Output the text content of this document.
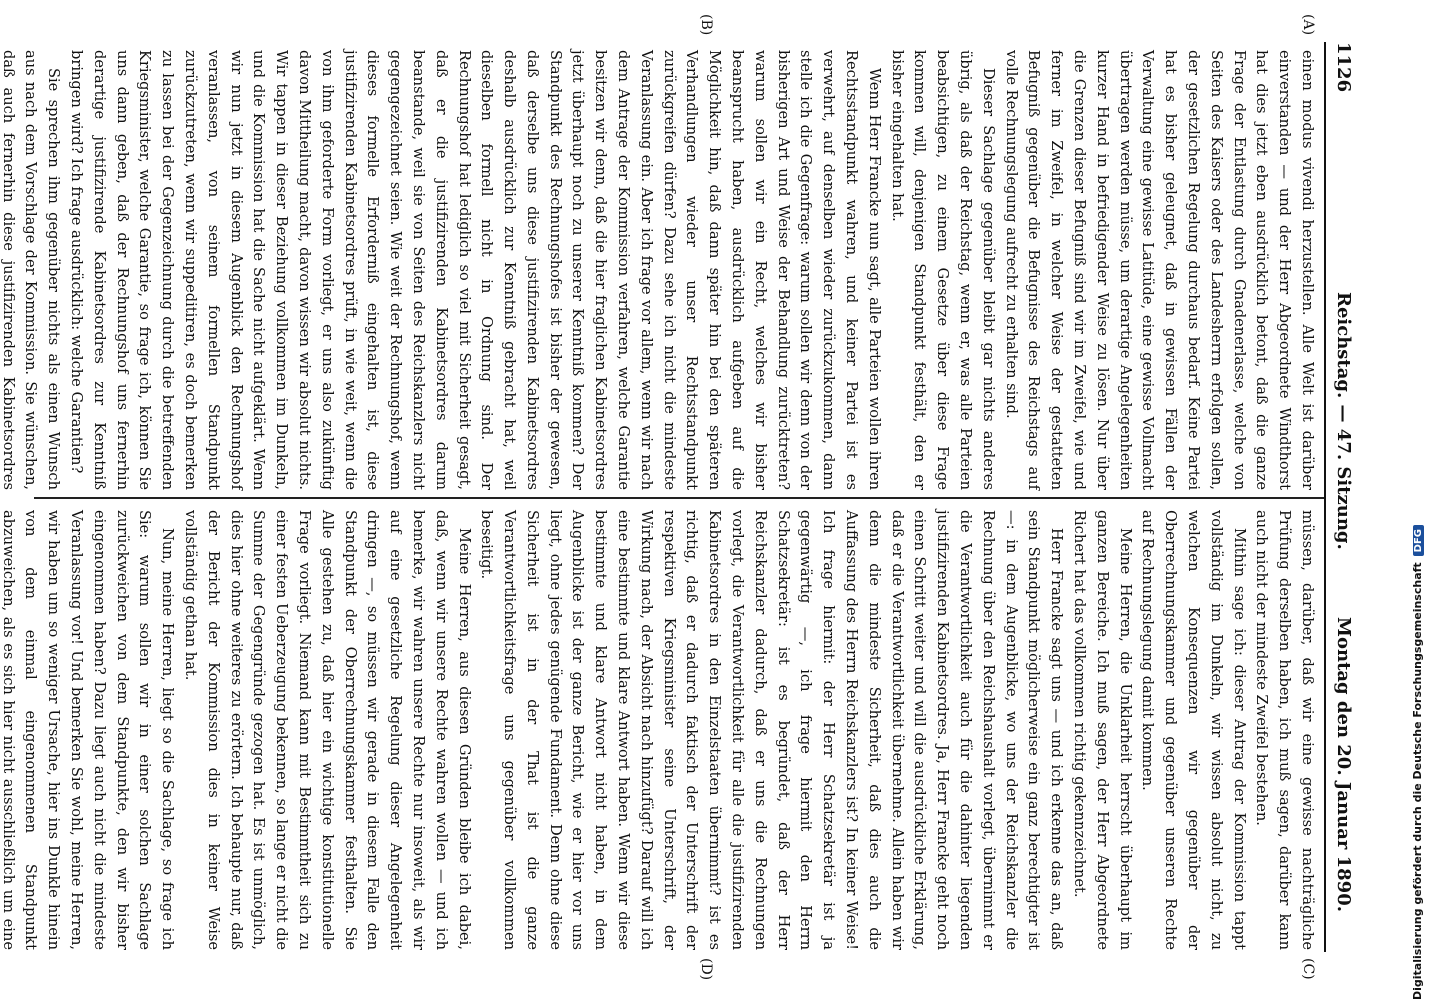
1126
Reichstag. — 47. Sitzung.
Montag den 20. Januar 1890.
(A)
(B)
(C)
(D)

einen modus vivendi herzustellen. Alle Welt ist darüber einverstanden — und der Herr Abgeordnete Windthorst hat dies jetzt eben ausdrücklich betont, daß die ganze Frage der Entlastung durch Gnadenerlasse, welche von Seiten des Kaisers oder des Landesherrn erfolgen sollen, der gesetzlichen Regelung durchaus bedarf. Keine Partei hat es bisher geleugnet, daß in gewissen Fällen der Verwaltung eine gewisse Latitüde, eine gewisse Vollmacht übertragen werden müsse, um derartige Angelegenheiten kurzer Hand in befriedigender Weise zu lösen. Nur über die Grenzen dieser Befugniß sind wir im Zweifel, wie und ferner im Zweifel, in welcher Weise der gestatteten Befugniß gegenüber die Befugnisse des Reichstags auf volle Rechnungslegung aufrecht zu erhalten sind.

Dieser Sachlage gegenüber bleibt gar nichts anderes übrig, als daß der Reichstag, wenn er, was alle Parteien beabsichtigen, zu einem Gesetze über diese Frage kommen will, denjenigen Standpunkt festhält, den er bisher eingehalten hat.

Wenn Herr Francke nun sagt, alle Parteien wollen ihren Rechtsstandpunkt wahren, und keiner Partei ist es verwehrt, auf denselben wieder zurückzukommen, dann stelle ich die Gegenfrage: warum sollen wir denn von der bisherigen Art und Weise der Behandlung zurücktreten? warum sollen wir ein Recht, welches wir bisher beansprucht haben, ausdrücklich aufgeben auf die Möglichkeit hin, daß dann später hin bei den späteren Verhandlungen wieder unser Rechtsstandpunkt zurückgreifen dürfen? Dazu sehe ich nicht die mindeste Veranlassung ein. Aber ich frage vor allem, wenn wir nach dem Antrage der Kommission verfahren, welche Garantie besitzen wir denn, daß die hier fraglichen Kabinetsordres jetzt überhaupt noch zu unserer Kenntniß kommen? Der Standpunkt des Rechnungshofes ist bisher der gewesen, daß derselbe uns diese justifizirenden Kabinetsordres deshalb ausdrücklich zur Kenntniß gebracht hat, weil dieselben formell nicht in Ordnung sind. Der Rechnungshof hat lediglich so viel mit Sicherheit gesagt, daß er die justifizirenden Kabinetsordres darum beanstande, weil sie von Seiten des Reichskanzlers nicht gegengezeichnet seien. Wie weit der Rechnungshof, wenn dieses formelle Erforderniß eingehalten ist, diese justifizirenden Kabinetsordres prüft, in wie weit, wenn die von ihm geforderte Form vorliegt, er uns also zukünftig davon Mittheilung macht, davon wissen wir absolut nichts. Wir tappen in dieser Beziehung vollkommen im Dunkeln, und die Kommission hat die Sache nicht aufgeklärt. Wenn wir nun jetzt in diesem Augenblick den Rechnungshof veranlassen, von seinem formellen Standpunkt zurückzutreten, wenn wir suppeditiren, es doch bemerken zu lassen bei der Gegenzeichnung durch die betreffenden Kriegsminister, welche Garantie, so frage ich, können Sie uns dann geben, daß der Rechnungshof uns fernerhin derartige justifizirende Kabinetsordres zur Kenntniß bringen wird? Ich frage ausdrücklich: welche Garantien?

Sie sprechen ihm gegenüber nichts als einen Wunsch aus nach dem Vorschlage der Kommission. Sie wünschen, daß auch fernerhin diese justifizirenden Kabinetsordres

müssen, darüber, daß wir eine gewisse nachträgliche Prüfung derselben haben, ich muß sagen, darüber kann auch nicht der mindeste Zweifel bestehen.

Mithin sage ich: dieser Antrag der Kommission tappt vollständig im Dunkeln, wir wissen absolut nicht, zu welchen Konsequenzen wir gegenüber der Oberrechnungskammer und gegenüber unseren Rechte auf Rechnungslegung damit kommen.

Meine Herren, die Unklarheit herrscht überhaupt im ganzen Bereiche. Ich muß sagen, der Herr Abgeordnete Richert hat das vollkommen richtig gekennzeichnet.

Herr Francke sagt uns — und ich erkenne das an, daß sein Standpunkt möglicherweise ein ganz berechtigter ist —: in dem Augenblicke, wo uns der Reichskanzler die Rechnung über den Reichshaushalt vorlegt, übernimmt er die Verantwortlichkeit auch für die dahinter liegenden justifizirenden Kabinetsordres. Ja, Herr Francke geht noch einen Schritt weiter und will die ausdrückliche Erklärung, daß er die Verantwortlichkeit übernehme. Allein haben wir denn die mindeste Sicherheit, daß dies auch die Auffassung des Herrn Reichskanzlers ist? In keiner Weise! Ich frage hiermit: der Herr Schatzsekretär ist ja gegenwärtig —, ich frage hiermit den Herrn Schatzsekretär: ist es begründet, daß der Herr Reichskanzler dadurch, daß er uns die Rechnungen vorlegt, die Verantwortlichkeit für alle die justifizirenden Kabinetsordres in den Einzelstaaten übernimmt? ist es richtig, daß er dadurch faktisch der Unterschrift der respektiven Kriegsminister seine Unterschrift, der Wirkung nach, der Absicht nach hinzufügt? Darauf will ich eine bestimmte und klare Antwort haben. Wenn wir diese bestimmte und klare Antwort nicht haben, in dem Augenblicke ist der ganze Bericht, wie er hier vor uns liegt, ohne jedes genügende Fundament. Denn ohne diese Sicherheit ist in der That ist die ganze Verantwortlichkeitsfrage uns gegenüber vollkommen beseitigt.

Meine Herren, aus diesen Gründen bleibe ich dabei, daß, wenn wir unsere Rechte wahren wollen — und ich bemerke, wir wahren unsere Rechte nur insoweit, als wir auf eine gesetzliche Regelung dieser Angelegenheit dringen —, so müssen wir gerade in diesem Falle den Standpunkt der Oberrechnungskammer festhalten. Sie Alle gestehen zu, daß hier ein wichtige konstitutionelle Frage vorliegt. Niemand kann mit Bestimmtheit sich zu einer festen Ueberzeugung bekennen, so lange er nicht die Summe der Gegengründe gezogen hat. Es ist unmöglich, dies hier ohne weiteres zu erörtern. Ich behaupte nur, daß der Bericht der Kommission dies in keiner Weise vollständig gethan hat.

Nun, meine Herren, liegt so die Sachlage, so frage ich Sie: warum sollen wir in einer solchen Sachlage zurückweichen von dem Standpunkte, den wir bisher eingenommen haben? Dazu liegt auch nicht die mindeste Veranlassung vor! Und bemerken Sie wohl, meine Herren, wir haben um so weniger Ursache, hier ins Dunkle hinein von dem einmal eingenommenen Standpunkt abzuweichen, als es sich hier nicht ausschließlich um eine	Digitalisierung gefördert durch die Deutsche ForschungsgemeinschaftDFG
